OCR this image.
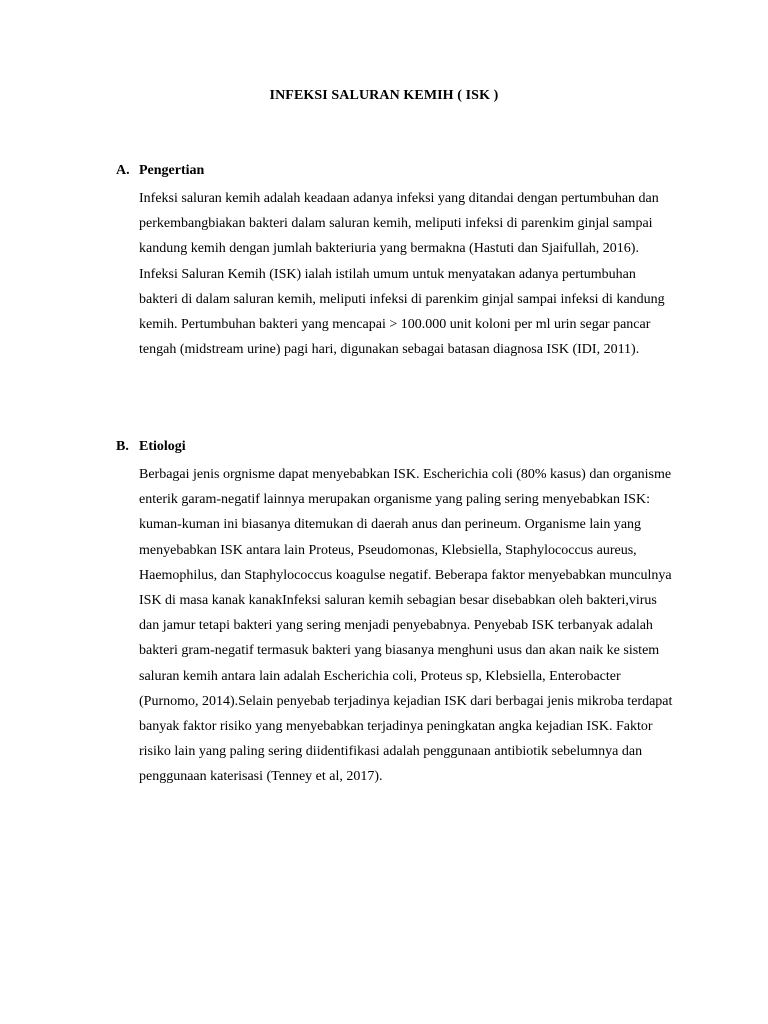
INFEKSI SALURAN KEMIH ( ISK )
A. Pengertian
Infeksi saluran kemih adalah keadaan adanya infeksi yang ditandai dengan pertumbuhan dan perkembangbiakan bakteri dalam saluran kemih, meliputi infeksi di parenkim ginjal sampai kandung kemih dengan jumlah bakteriuria yang bermakna (Hastuti dan Sjaifullah, 2016). Infeksi Saluran Kemih (ISK) ialah istilah umum untuk menyatakan adanya pertumbuhan bakteri di dalam saluran kemih, meliputi infeksi di parenkim ginjal sampai infeksi di kandung kemih. Pertumbuhan bakteri yang mencapai > 100.000 unit koloni per ml urin segar pancar tengah (midstream urine) pagi hari, digunakan sebagai batasan diagnosa ISK (IDI, 2011).
B. Etiologi
Berbagai jenis orgnisme dapat menyebabkan ISK. Escherichia coli (80% kasus) dan organisme enterik garam-negatif lainnya merupakan organisme yang paling sering menyebabkan ISK: kuman-kuman ini biasanya ditemukan di daerah anus dan perineum. Organisme lain yang menyebabkan ISK antara lain Proteus, Pseudomonas, Klebsiella, Staphylococcus aureus, Haemophilus, dan Staphylococcus koagulse negatif. Beberapa faktor menyebabkan munculnya ISK di masa kanak kanakInfeksi saluran kemih sebagian besar disebabkan oleh bakteri,virus dan jamur tetapi bakteri yang sering menjadi penyebabnya. Penyebab ISK terbanyak adalah bakteri gram-negatif termasuk bakteri yang biasanya menghuni usus dan akan naik ke sistem saluran kemih antara lain adalah Escherichia coli, Proteus sp, Klebsiella, Enterobacter (Purnomo, 2014).Selain penyebab terjadinya kejadian ISK dari berbagai jenis mikroba terdapat banyak faktor risiko yang menyebabkan terjadinya peningkatan angka kejadian ISK. Faktor risiko lain yang paling sering diidentifikasi adalah penggunaan antibiotik sebelumnya dan penggunaan katerisasi (Tenney et al, 2017).
